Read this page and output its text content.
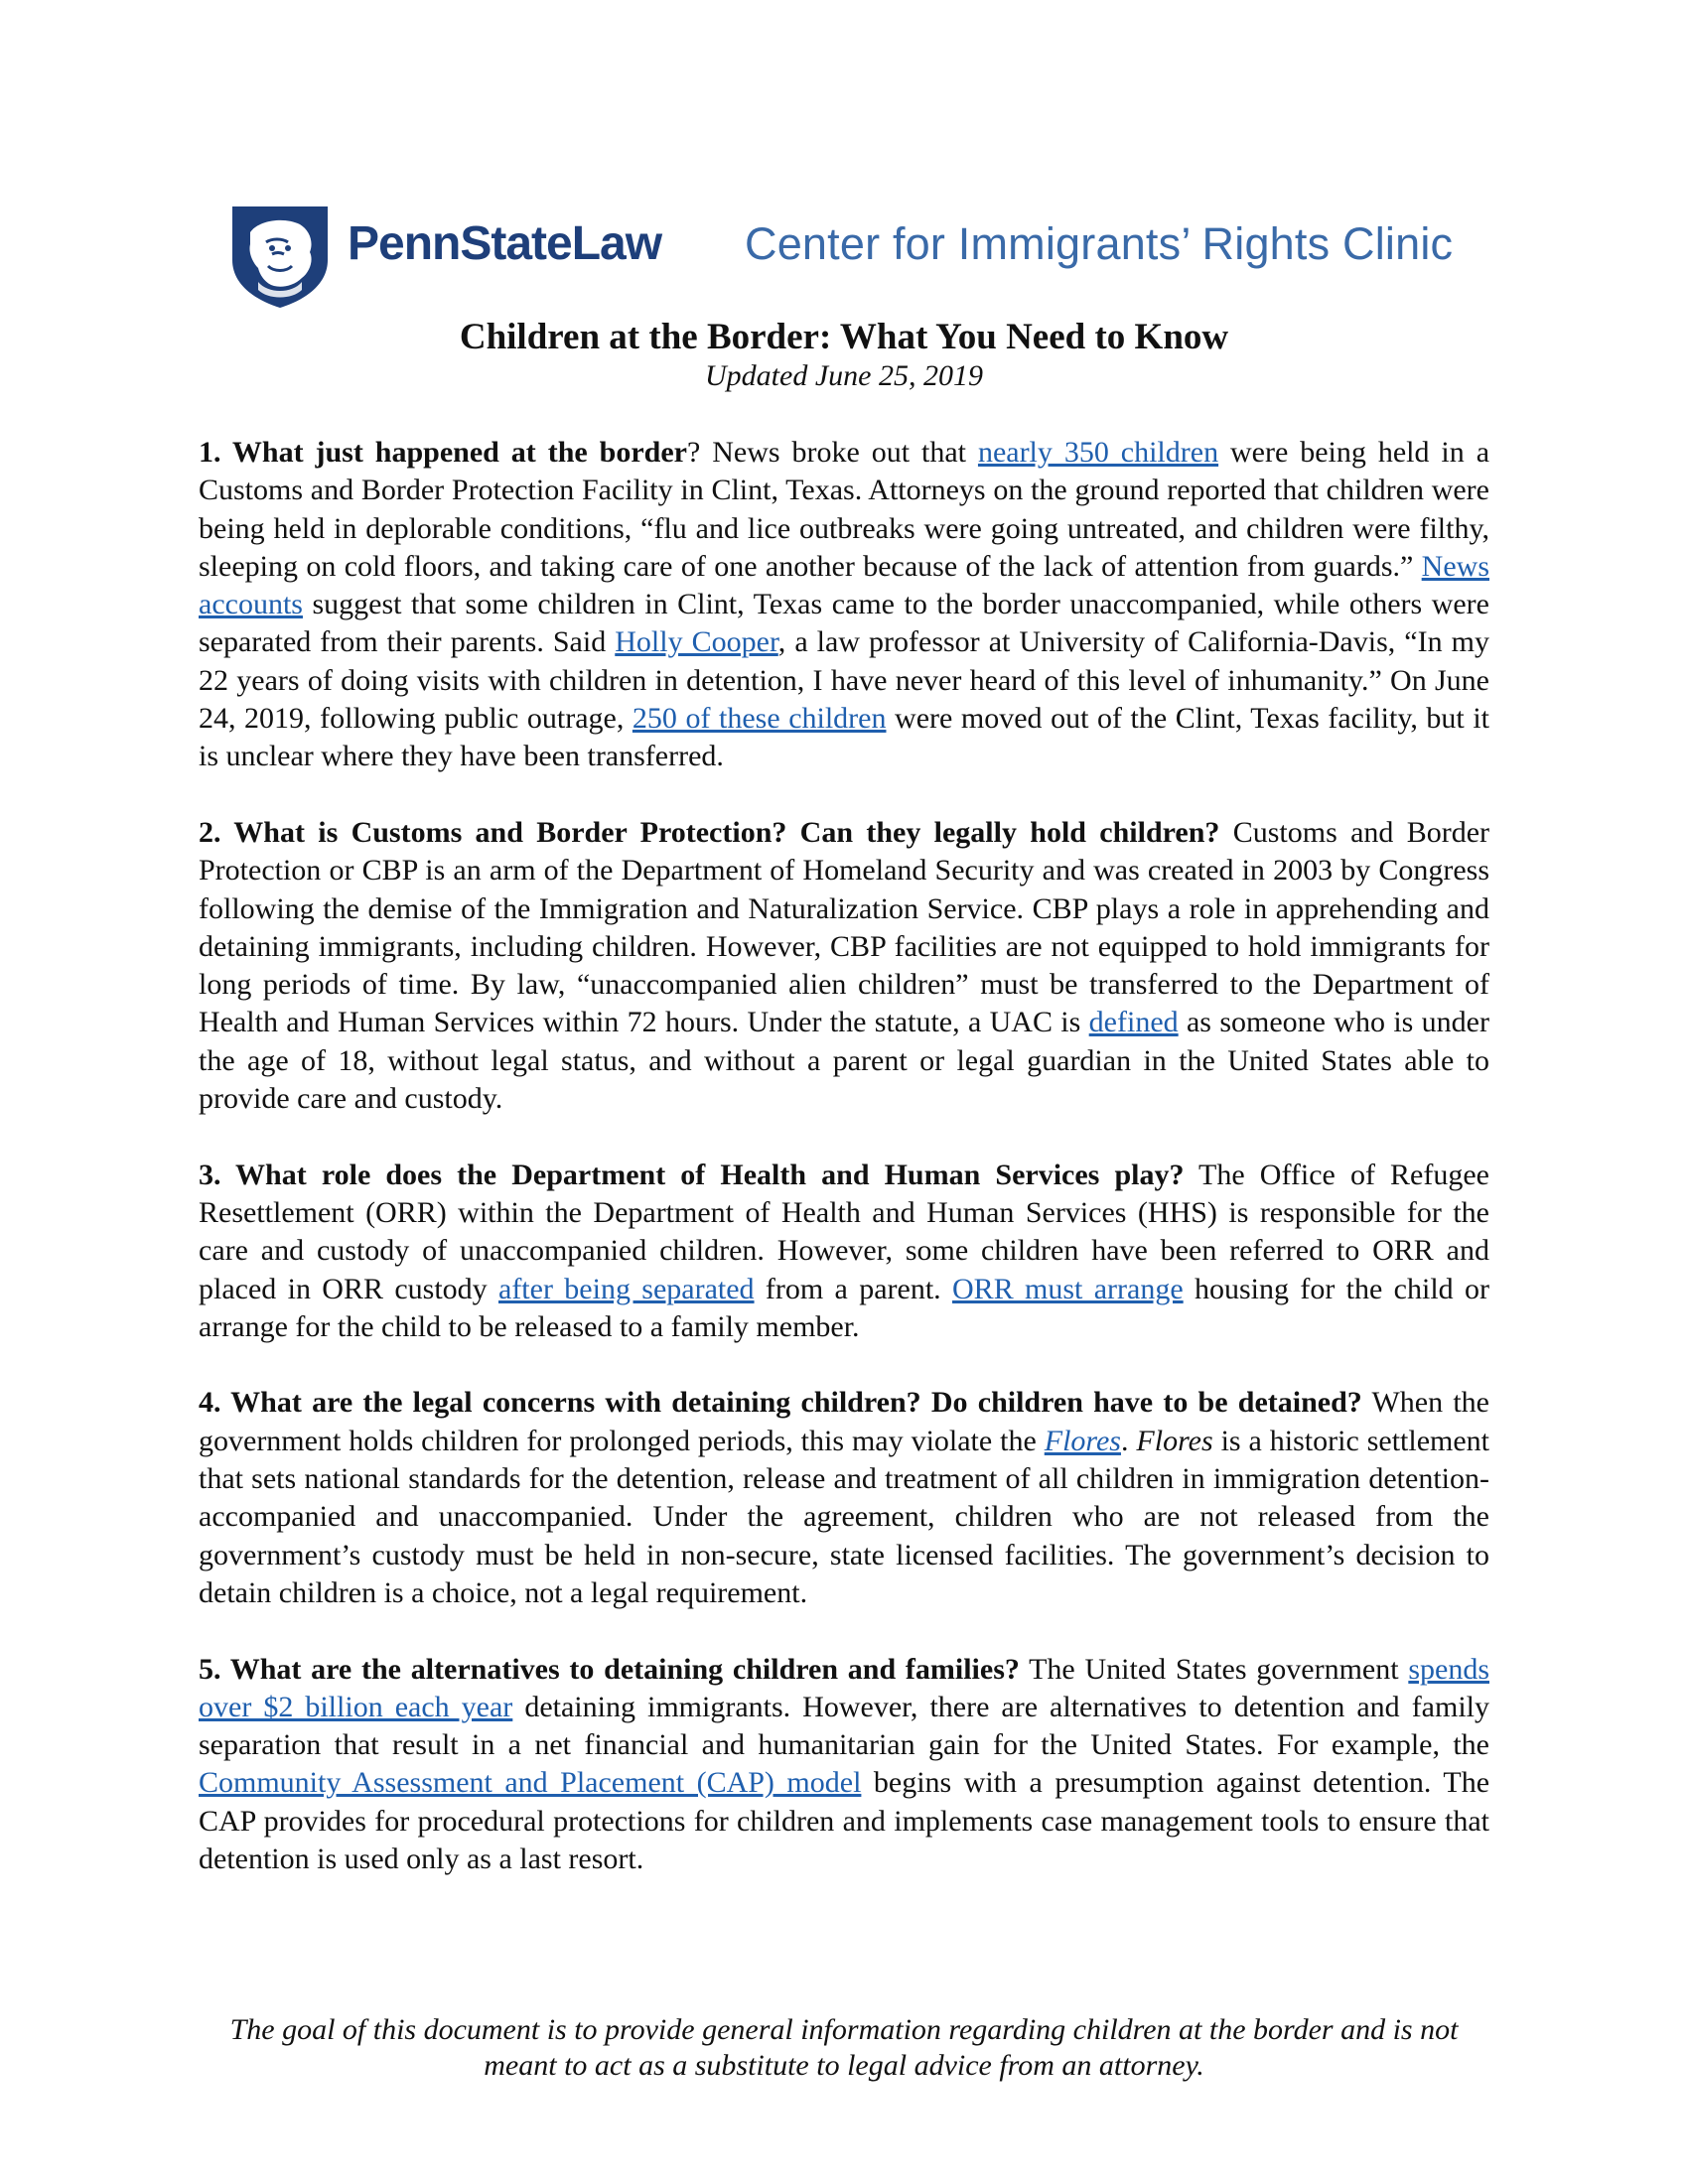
PennStateLaw Center for Immigrants’ Rights Clinic
Children at the Border: What You Need to Know
Updated June 25, 2019

1. What just happened at the border? News broke out that nearly 350 children were being held in a Customs and Border Protection Facility in Clint, Texas. Attorneys on the ground reported that children were being held in deplorable conditions, “flu and lice outbreaks were going untreated, and children were filthy, sleeping on cold floors, and taking care of one another because of the lack of attention from guards.” News accounts suggest that some children in Clint, Texas came to the border unaccompanied, while others were separated from their parents. Said Holly Cooper, a law professor at University of California-Davis, “In my 22 years of doing visits with children in detention, I have never heard of this level of inhumanity.” On June 24, 2019, following public outrage, 250 of these children were moved out of the Clint, Texas facility, but it is unclear where they have been transferred.

2. What is Customs and Border Protection? Can they legally hold children? Customs and Border Protection or CBP is an arm of the Department of Homeland Security and was created in 2003 by Congress following the demise of the Immigration and Naturalization Service. CBP plays a role in apprehending and detaining immigrants, including children. However, CBP facilities are not equipped to hold immigrants for long periods of time. By law, “unaccompanied alien children” must be transferred to the Department of Health and Human Services within 72 hours. Under the statute, a UAC is defined as someone who is under the age of 18, without legal status, and without a parent or legal guardian in the United States able to provide care and custody.

3. What role does the Department of Health and Human Services play? The Office of Refugee Resettlement (ORR) within the Department of Health and Human Services (HHS) is responsible for the care and custody of unaccompanied children. However, some children have been referred to ORR and placed in ORR custody after being separated from a parent. ORR must arrange housing for the child or arrange for the child to be released to a family member.

4. What are the legal concerns with detaining children? Do children have to be detained? When the government holds children for prolonged periods, this may violate the Flores. Flores is a historic settlement that sets national standards for the detention, release and treatment of all children in immigration detention- accompanied and unaccompanied. Under the agreement, children who are not released from the government’s custody must be held in non-secure, state licensed facilities. The government’s decision to detain children is a choice, not a legal requirement.

5. What are the alternatives to detaining children and families? The United States government spends over $2 billion each year detaining immigrants. However, there are alternatives to detention and family separation that result in a net financial and humanitarian gain for the United States. For example, the Community Assessment and Placement (CAP) model begins with a presumption against detention. The CAP provides for procedural protections for children and implements case management tools to ensure that detention is used only as a last resort.

The goal of this document is to provide general information regarding children at the border and is not
meant to act as a substitute to legal advice from an attorney.
